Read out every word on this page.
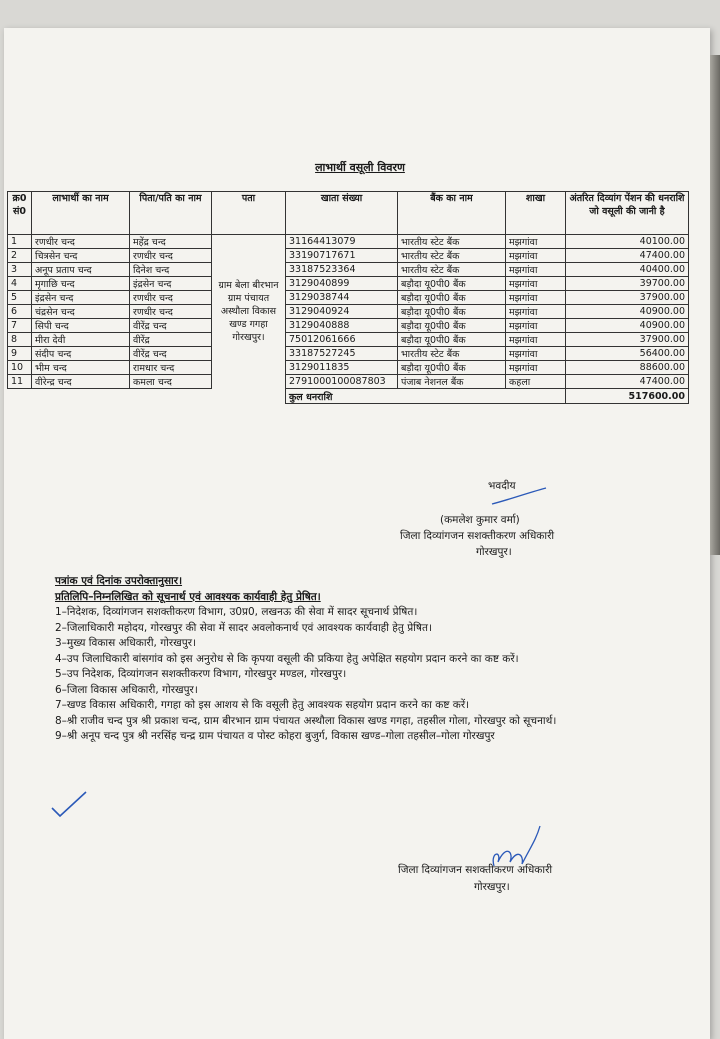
लाभार्थी वसूली विवरण
क्र0 सं0	लाभार्थी का नाम	पिता/पति का नाम	पता	खाता संख्या	बैंक का नाम	शाखा	अंतरित दिव्यांग पेंशन की धनराशि जो वसूली की जानी है
1	रणधीर चन्द	महेंद्र चन्द	ग्राम बेला बीरभान ग्राम पंचायत अस्थौला विकास खण्ड गगहा गोरखपुर।	31164413079	भारतीय स्टेट बैंक	मझगांवा	40100.00
2	चित्रसेन चन्द	रणधीर चन्द		33190717671	भारतीय स्टेट बैंक	मझगांवा	47400.00
3	अनूप प्रताप चन्द	दिनेश चन्द		33187523364	भारतीय स्टेट बैंक	मझगांवा	40400.00
4	मृगाछि चन्द	इंद्रसेन चन्द		3129040899	बड़ौदा यू0पी0 बैंक	मझगांवा	39700.00
5	इंद्रसेन चन्द	रणधीर चन्द		3129038744	बड़ौदा यू0पी0 बैंक	मझगांवा	37900.00
6	चंद्रसेन चन्द	रणधीर चन्द		3129040924	बड़ौदा यू0पी0 बैंक	मझगांवा	40900.00
7	सिपी चन्द	वीरेंद्र चन्द		3129040888	बड़ौदा यू0पी0 बैंक	मझगांवा	40900.00
8	मीरा देवी	वीरेंद्र		75012061666	बड़ौदा यू0पी0 बैंक	मझगांवा	37900.00
9	संदीप चन्द	वीरेंद्र चन्द		33187527245	भारतीय स्टेट बैंक	मझगांवा	56400.00
10	भीम चन्द	रामधार चन्द		3129011835	बड़ौदा यू0पी0 बैंक	मझगांवा	88600.00
11	वीरेन्द्र चन्द	कमला चन्द		2791000100087803	पंजाब नेशनल बैंक	कहला	47400.00
				कुल धनराशि			517600.00
भवदीय
(कमलेश कुमार वर्मा)
जिला दिव्यांगजन सशक्तीकरण अधिकारी
गोरखपुर।

पत्रांक एवं दिनांक उपरोक्तानुसार।

प्रतिलिपि–निम्नलिखित को सूचनार्थ एवं आवश्यक कार्यवाही हेतु प्रेषित।

1–निदेशक, दिव्यांगजन सशक्तीकरण विभाग, उ0प्र0, लखनऊ की सेवा में सादर सूचनार्थ प्रेषित।

2–जिलाधिकारी महोदय, गोरखपुर की सेवा में सादर अवलोकनार्थ एवं आवश्यक कार्यवाही हेतु प्रेषित।

3–मुख्य विकास अधिकारी, गोरखपुर।

4–उप जिलाधिकारी बांसगांव को इस अनुरोध से कि कृपया वसूली की प्रकिया हेतु अपेक्षित सहयोग प्रदान करने का कष्ट करें।

5–उप निदेशक, दिव्यांगजन सशक्तीकरण विभाग, गोरखपुर मण्डल, गोरखपुर।

6–जिला विकास अधिकारी, गोरखपुर।

7–खण्ड विकास अधिकारी, गगहा को इस आशय से कि वसूली हेतु आवश्यक सहयोग प्रदान करने का कष्ट करें।

8–श्री राजीव चन्द पुत्र श्री प्रकाश चन्द, ग्राम बीरभान ग्राम पंचायत अस्थौला विकास खण्ड गगहा, तहसील गोला, गोरखपुर को सूचनार्थ।

9–श्री अनूप चन्द पुत्र श्री नरसिंह चन्द्र ग्राम पंचायत व पोस्ट कोहरा बुजुर्ग, विकास खण्ड–गोला तहसील–गोला गोरखपुर

जिला दिव्यांगजन सशक्तीकरण अधिकारी
गोरखपुर।
